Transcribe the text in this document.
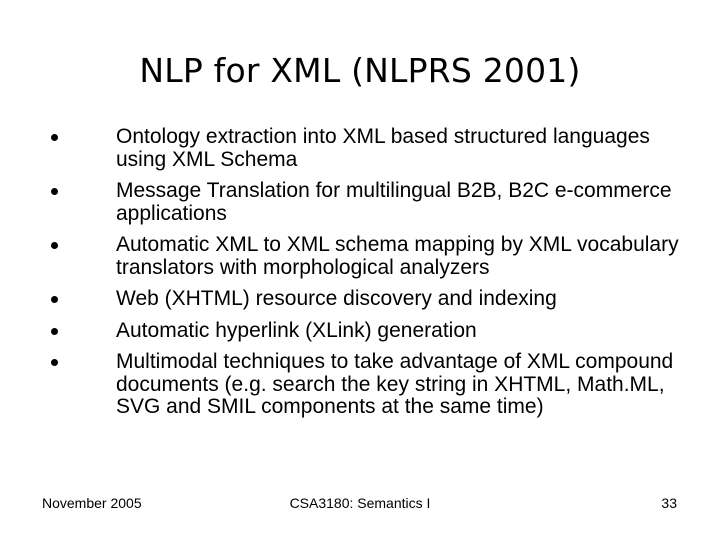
NLP for XML (NLPRS 2001)
Ontology extraction into XML based structured languages using XML Schema
Message Translation for multilingual B2B, B2C e-commerce applications
Automatic XML to XML schema mapping by XML vocabulary translators with morphological analyzers
Web (XHTML) resource discovery and indexing
Automatic hyperlink (XLink) generation
Multimodal techniques to take advantage of XML compound documents (e.g. search the key string in XHTML, Math.ML, SVG and SMIL components at the same time)
November 2005	CSA3180: Semantics I	33
